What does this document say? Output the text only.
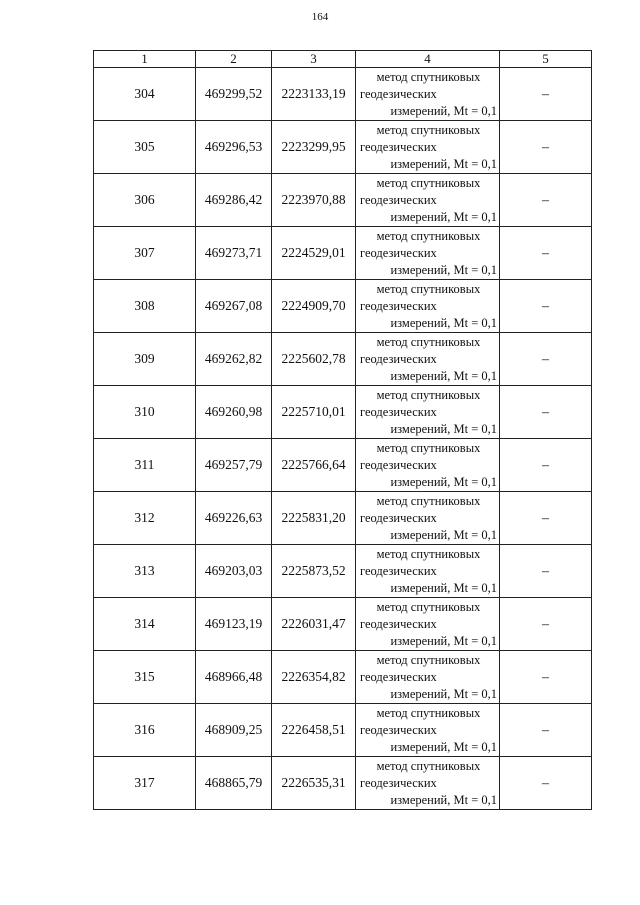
164
1	2	3	4	5
304	469299,52	2223133,19	метод спутниковых
геодезических
измерений, Mt = 0,1	–
305	469296,53	2223299,95	метод спутниковых
геодезических
измерений, Mt = 0,1	–
306	469286,42	2223970,88	метод спутниковых
геодезических
измерений, Mt = 0,1	–
307	469273,71	2224529,01	метод спутниковых
геодезических
измерений, Mt = 0,1	–
308	469267,08	2224909,70	метод спутниковых
геодезических
измерений, Mt = 0,1	–
309	469262,82	2225602,78	метод спутниковых
геодезических
измерений, Mt = 0,1	–
310	469260,98	2225710,01	метод спутниковых
геодезических
измерений, Mt = 0,1	–
311	469257,79	2225766,64	метод спутниковых
геодезических
измерений, Mt = 0,1	–
312	469226,63	2225831,20	метод спутниковых
геодезических
измерений, Mt = 0,1	–
313	469203,03	2225873,52	метод спутниковых
геодезических
измерений, Mt = 0,1	–
314	469123,19	2226031,47	метод спутниковых
геодезических
измерений, Mt = 0,1	–
315	468966,48	2226354,82	метод спутниковых
геодезических
измерений, Mt = 0,1	–
316	468909,25	2226458,51	метод спутниковых
геодезических
измерений, Mt = 0,1	–
317	468865,79	2226535,31	метод спутниковых
геодезических
измерений, Mt = 0,1	–
